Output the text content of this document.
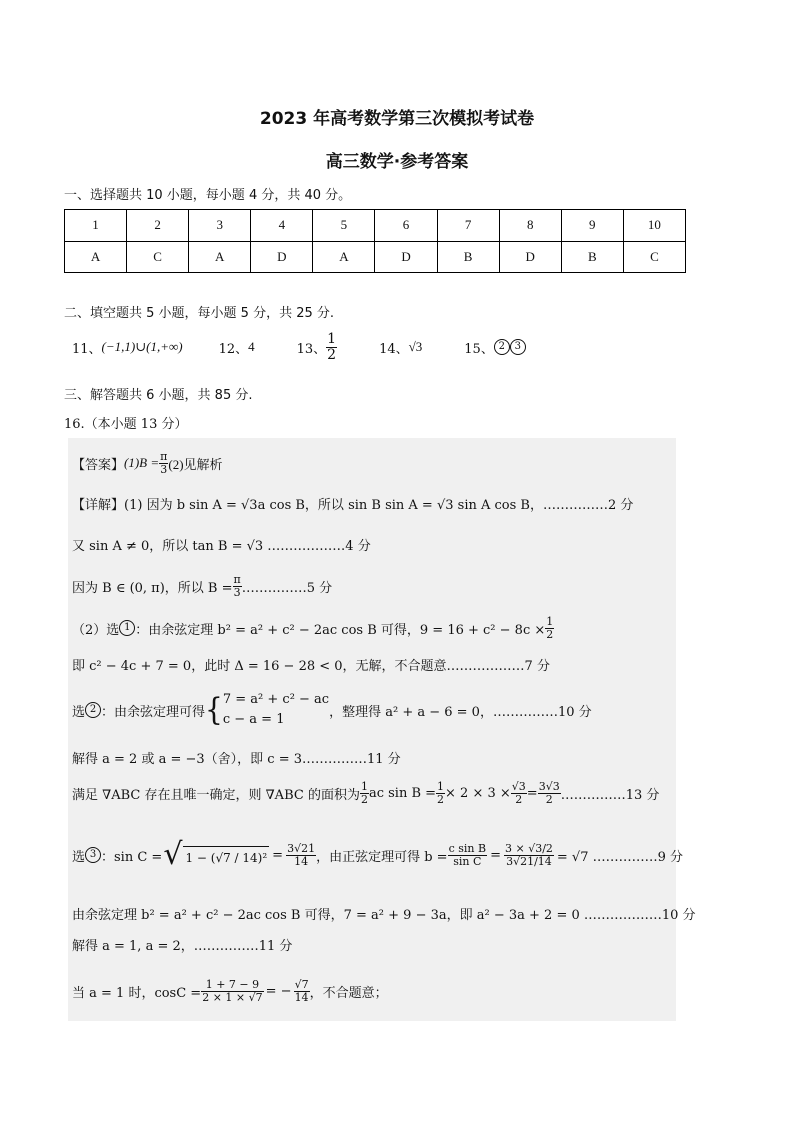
2023 年高考数学第三次模拟考试卷
高三数学·参考答案
一、选择题共 10 小题，每小题 4 分，共 40 分。
1	2	3	4	5	6	7	8	9	10
A	C	A	D	A	D	B	D	B	C
二、填空题共 5 小题，每小题 5 分，共 25 分.
11、 (−1,1)∪(1,+∞)	12、 4	13、 $\frac{1}{2}$	14、 √3	15、 2 3
三、解答题共 6 小题，共 85 分.
16.（本小题 13 分）
【答案】 $(1)B = \frac{\pi}{3} (2)$见解析
【详解】 (1) 因为 b sin A = √3a cos B，所以 sin B sin A = √3 sin A cos B，……………2 分
又 sin A ≠ 0，所以 tan B = √3 ………………4 分
因为 B ∈ (0, π)，所以 $B = \frac{\pi}{3}$ ……………5 分
（2）选 1 ：由余弦定理 b² = a² + c² − 2ac cos B 可得，$9 = 16 + c^2 - 8c \times \frac{1}{2}$
即 c² − 4c + 7 = 0，此时 Δ = 16 − 28 < 0，无解，不合题意………………7 分
选 2 ：由余弦定理可得 { 7 = a² + c² − ac
c − a = 1	，整理得 a² + a − 6 = 0，……………10 分
解得 a = 2 或 a = −3（舍），即 c = 3……………11 分
满足 ∇ABC 存在且唯一确定，则 ∇ABC 的面积为 $\frac{1}{2}$ ac $\sin B = \frac{1}{2} \times 2 \times 3 \times \frac{√3}{2} = \frac{3√3}{2}$ ……………13 分
选 3 ：sin C = √ $1 - (√7 / 14)^2 = \frac{3√21}{14}$ ，由正弦定理可得 $b = \frac{\text{c sin B}}{\text{sin C}} = \frac{3 \times √3/2}{3√21/14} = √7$ ……………9 分
由余弦定理 b² = a² + c² − 2ac cos B 可得，7 = a² + 9 − 3a，即 a² − 3a + 2 = 0 ………………10 分
解得 a = 1, a = 2，……………11 分
当 a = 1 时，$\cos C = \frac{1 + 7 - 9}{2 \times 1 \times √7}$ = − $\frac{√7}{14}$ ，不合题意；
